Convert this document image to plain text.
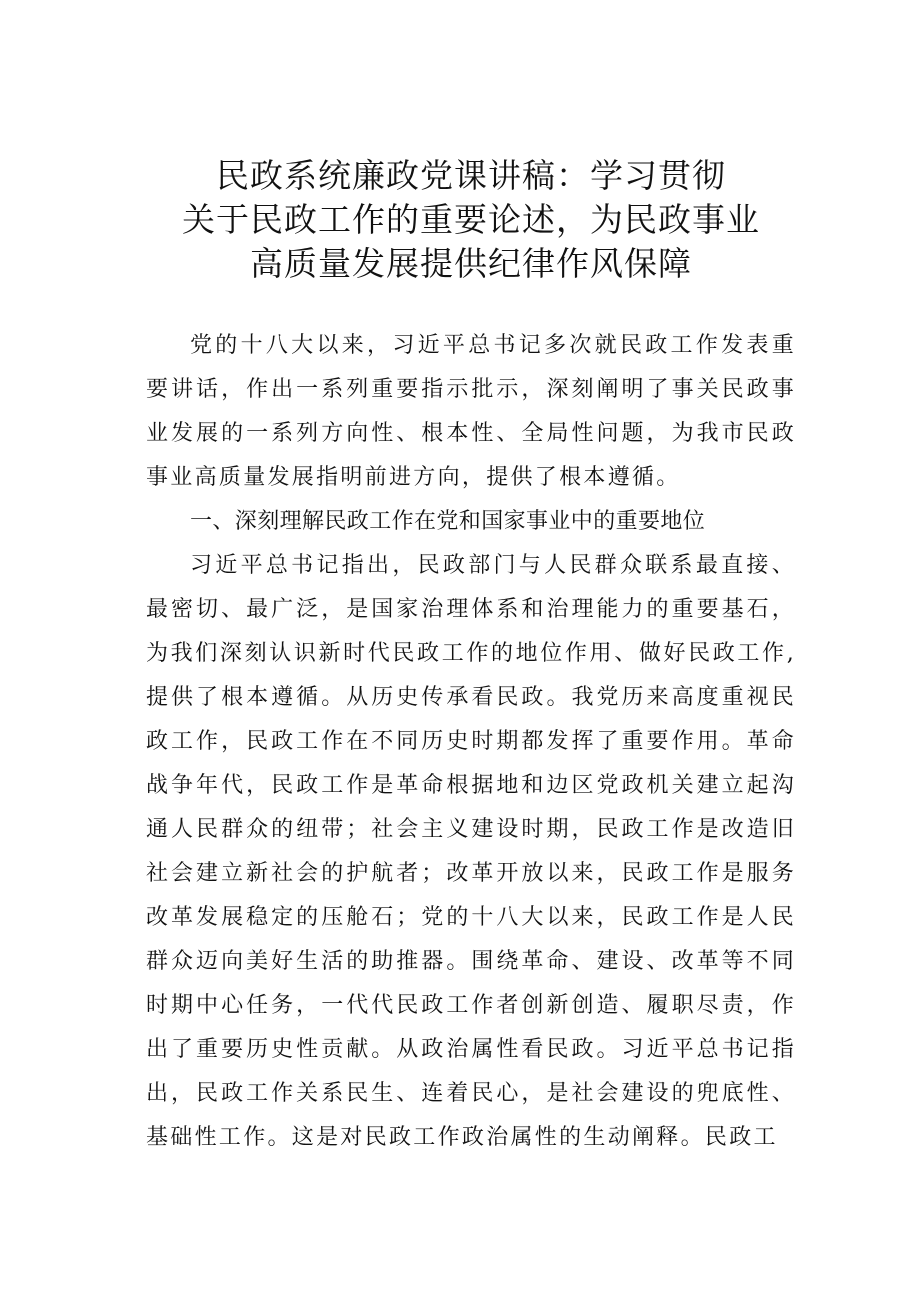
民政系统廉政党课讲稿：学习贯彻
关于民政工作的重要论述，为民政事业
高质量发展提供纪律作风保障

党的十八大以来，习近平总书记多次就民政工作发表重要讲话，作出一系列重要指示批示，深刻阐明了事关民政事业发展的一系列方向性、根本性、全局性问题，为我市民政事业高质量发展指明前进方向，提供了根本遵循。

一、深刻理解民政工作在党和国家事业中的重要地位

习近平总书记指出，民政部门与人民群众联系最直接、最密切、最广泛，是国家治理体系和治理能力的重要基石，为我们深刻认识新时代民政工作的地位作用、做好民政工作,提供了根本遵循。从历史传承看民政。我党历来高度重视民政工作，民政工作在不同历史时期都发挥了重要作用。革命战争年代，民政工作是革命根据地和边区党政机关建立起沟通人民群众的纽带；社会主义建设时期，民政工作是改造旧社会建立新社会的护航者；改革开放以来，民政工作是服务改革发展稳定的压舱石；党的十八大以来，民政工作是人民群众迈向美好生活的助推器。围绕革命、建设、改革等不同时期中心任务，一代代民政工作者创新创造、履职尽责，作出了重要历史性贡献。从政治属性看民政。习近平总书记指出，民政工作关系民生、连着民心，是社会建设的兜底性、基础性工作。这是对民政工作政治属性的生动阐释。民政工
